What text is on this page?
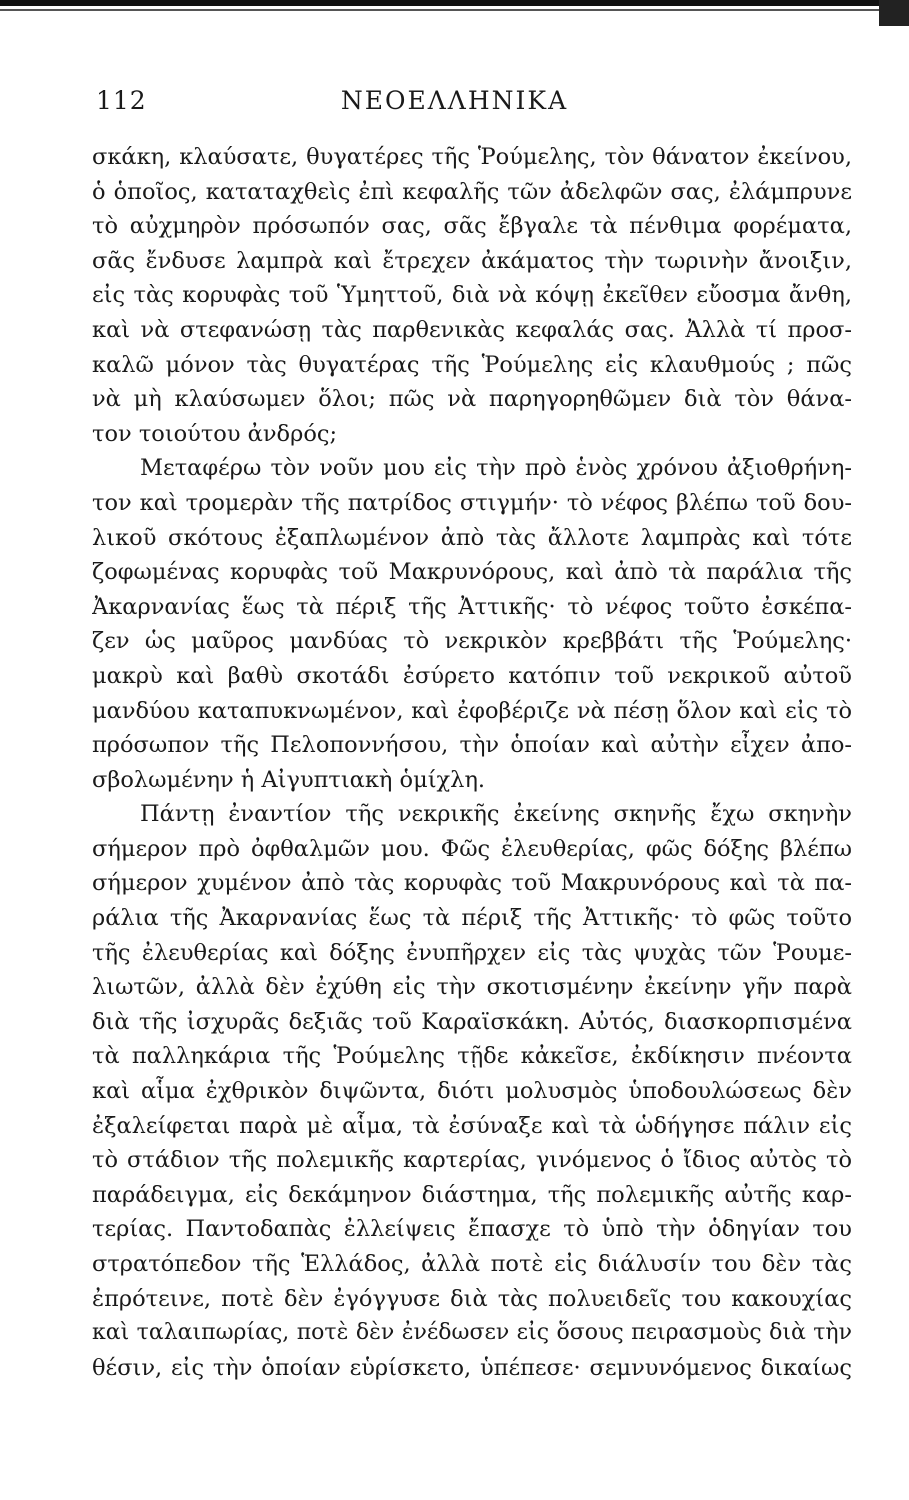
112	ΝΕΟΕΛΛΗΝΙΚΑ
σκάκη, κλαύσατε, θυγατέρες τῆς Ῥούμελης, τὸν θάνατον ἐκείνου,
ὁ ὁποῖος, καταταχθεὶς ἐπὶ κεφαλῆς τῶν ἀδελφῶν σας, ἐλάμπρυνε
τὸ αὐχμηρὸν πρόσωπόν σας, σᾶς ἔβγαλε τὰ πένθιμα φορέματα,
σᾶς ἔνδυσε λαμπρὰ καὶ ἔτρεχεν ἀκάματος τὴν τωρινὴν ἄνοιξιν,
εἰς τὰς κορυφὰς τοῦ Ὑμηττοῦ, διὰ νὰ κόψῃ ἐκεῖθεν εὔοσμα ἄνθη,
καὶ νὰ στεφανώσῃ τὰς παρθενικὰς κεφαλάς σας. Ἀλλὰ τί προσ-
καλῶ μόνον τὰς θυγατέρας τῆς Ῥούμελης εἰς κλαυθμούς ; πῶς
νὰ μὴ κλαύσωμεν ὅλοι; πῶς νὰ παρηγορηθῶμεν διὰ τὸν θάνα-
τον τοιούτου ἀνδρός;
Μεταφέρω τὸν νοῦν μου εἰς τὴν πρὸ ἑνὸς χρόνου ἀξιοθρήνη-
τον καὶ τρομερὰν τῆς πατρίδος στιγμήν· τὸ νέφος βλέπω τοῦ δου-
λικοῦ σκότους ἐξαπλωμένον ἀπὸ τὰς ἄλλοτε λαμπρὰς καὶ τότε
ζοφωμένας κορυφὰς τοῦ Μακρυνόρους, καὶ ἀπὸ τὰ παράλια τῆς
Ἀκαρνανίας ἕως τὰ πέριξ τῆς Ἀττικῆς· τὸ νέφος τοῦτο ἐσκέπα-
ζεν ὡς μαῦρος μανδύας τὸ νεκρικὸν κρεββάτι τῆς Ῥούμελης·
μακρὺ καὶ βαθὺ σκοτάδι ἐσύρετο κατόπιν τοῦ νεκρικοῦ αὐτοῦ
μανδύου καταπυκνωμένον, καὶ ἐφοβέριζε νὰ πέσῃ ὅλον καὶ εἰς τὸ
πρόσωπον τῆς Πελοποννήσου, τὴν ὁποίαν καὶ αὐτὴν εἶχεν ἀπο-
σβολωμένην ἡ Αἰγυπτιακὴ ὁμίχλη.
Πάντῃ ἐναντίον τῆς νεκρικῆς ἐκείνης σκηνῆς ἔχω σκηνὴν
σήμερον πρὸ ὀφθαλμῶν μου. Φῶς ἐλευθερίας, φῶς δόξης βλέπω
σήμερον χυμένον ἀπὸ τὰς κορυφὰς τοῦ Μακρυνόρους καὶ τὰ πα-
ράλια τῆς Ἀκαρνανίας ἕως τὰ πέριξ τῆς Ἀττικῆς· τὸ φῶς τοῦτο
τῆς ἐλευθερίας καὶ δόξης ἐνυπῆρχεν εἰς τὰς ψυχὰς τῶν Ῥουμε-
λιωτῶν, ἀλλὰ δὲν ἐχύθη εἰς τὴν σκοτισμένην ἐκείνην γῆν παρὰ
διὰ τῆς ἰσχυρᾶς δεξιᾶς τοῦ Καραϊσκάκη. Αὐτός, διασκορπισμένα
τὰ παλληκάρια τῆς Ῥούμελης τῇδε κἀκεῖσε, ἐκδίκησιν πνέοντα
καὶ αἷμα ἐχθρικὸν διψῶντα, διότι μολυσμὸς ὑποδουλώσεως δὲν
ἐξαλείφεται παρὰ μὲ αἷμα, τὰ ἐσύναξε καὶ τὰ ὡδήγησε πάλιν εἰς
τὸ στάδιον τῆς πολεμικῆς καρτερίας, γινόμενος ὁ ἴδιος αὐτὸς τὸ
παράδειγμα, εἰς δεκάμηνον διάστημα, τῆς πολεμικῆς αὐτῆς καρ-
τερίας. Παντοδαπὰς ἐλλείψεις ἔπασχε τὸ ὑπὸ τὴν ὁδηγίαν του
στρατόπεδον τῆς Ἑλλάδος, ἀλλὰ ποτὲ εἰς διάλυσίν του δὲν τὰς
ἐπρότεινε, ποτὲ δὲν ἐγόγγυσε διὰ τὰς πολυειδεῖς του κακουχίας
καὶ ταλαιπωρίας, ποτὲ δὲν ἐνέδωσεν εἰς ὅσους πειρασμοὺς διὰ τὴν
θέσιν, εἰς τὴν ὁποίαν εὑρίσκετο, ὑπέπεσε· σεμνυνόμενος δικαίως
